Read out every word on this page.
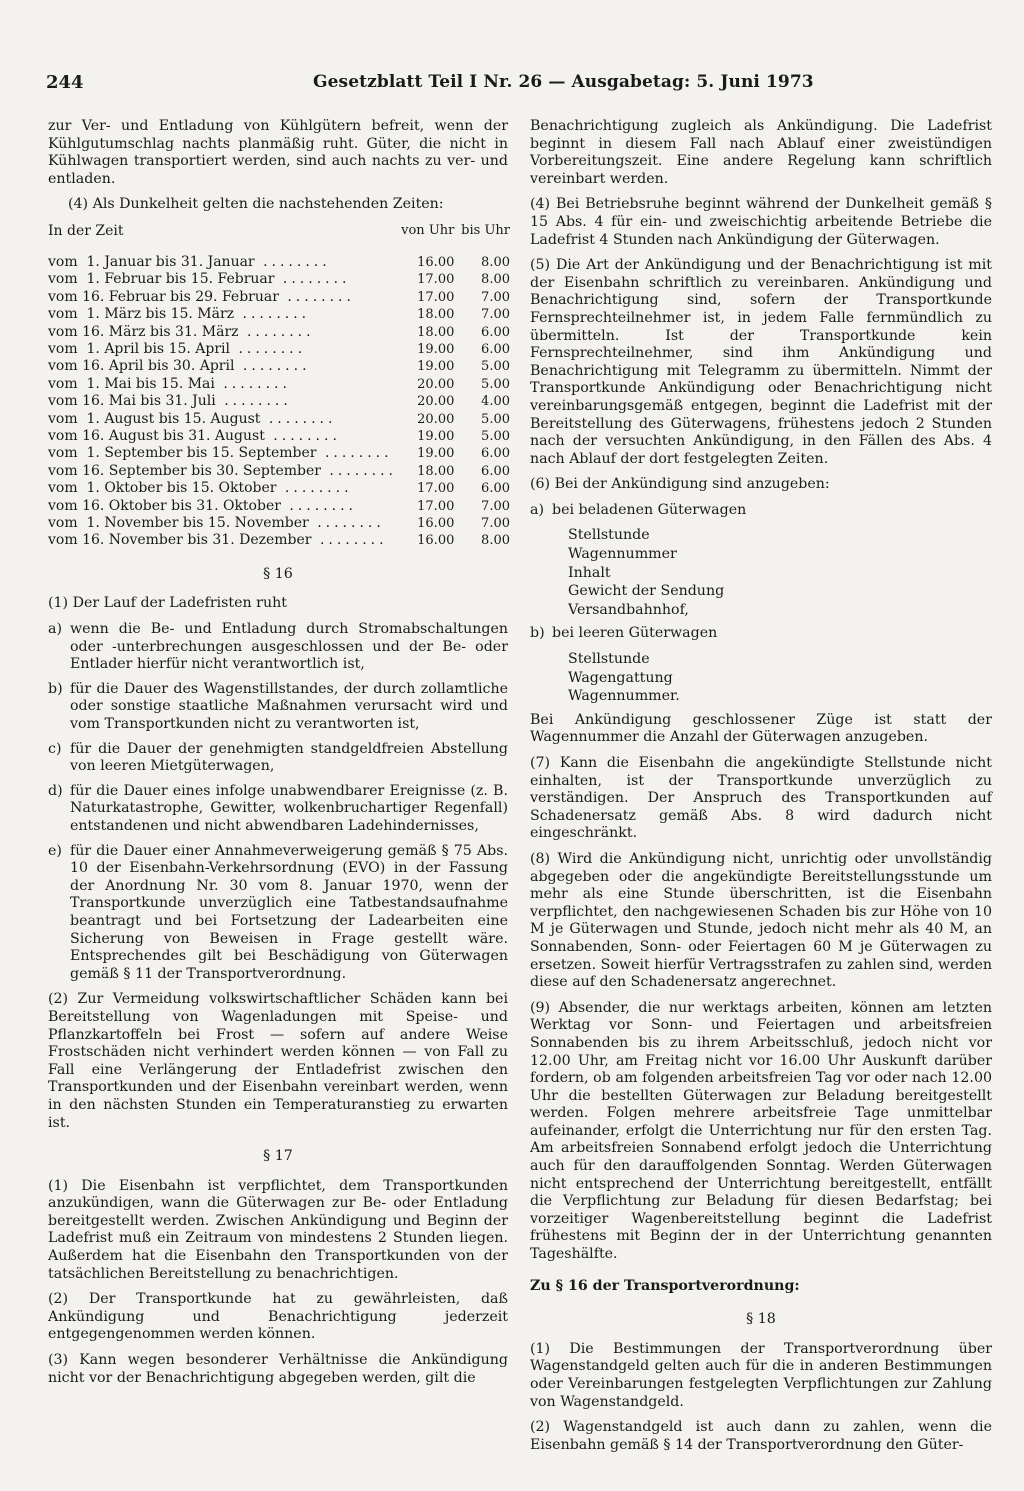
244	Gesetzblatt Teil I Nr. 26 — Ausgabetag: 5. Juni 1973

zur Ver- und Entladung von Kühlgütern befreit, wenn der Kühlgutumschlag nachts planmäßig ruht. Güter, die nicht in Kühlwagen transportiert werden, sind auch nachts zu ver- und entladen.

(4) Als Dunkelheit gelten die nachstehenden Zeiten:

In der Zeit	von Uhr	bis Uhr

vom  1. Januar bis 31. Januar ........	16.00	8.00
vom  1. Februar bis 15. Februar ........	17.00	8.00
vom 16. Februar bis 29. Februar ........	17.00	7.00
vom  1. März bis 15. März ........	18.00	7.00
vom 16. März bis 31. März ........	18.00	6.00
vom  1. April bis 15. April ........	19.00	6.00
vom 16. April bis 30. April ........	19.00	5.00
vom  1. Mai bis 15. Mai ........	20.00	5.00
vom 16. Mai bis 31. Juli ........	20.00	4.00
vom  1. August bis 15. August ........	20.00	5.00
vom 16. August bis 31. August ........	19.00	5.00
vom  1. September bis 15. September ........	19.00	6.00
vom 16. September bis 30. September ........	18.00	6.00
vom  1. Oktober bis 15. Oktober ........	17.00	6.00
vom 16. Oktober bis 31. Oktober ........	17.00	7.00
vom  1. November bis 15. November ........	16.00	7.00
vom 16. November bis 31. Dezember ........	16.00	8.00
§ 16

(1) Der Lauf der Ladefristen ruht

a) wenn die Be- und Entladung durch Stromabschaltungen oder -unterbrechungen ausgeschlossen und der Be- oder Entlader hierfür nicht verantwortlich ist,
b) für die Dauer des Wagenstillstandes, der durch zollamtliche oder sonstige staatliche Maßnahmen verursacht wird und vom Transportkunden nicht zu verantworten ist,
c) für die Dauer der genehmigten standgeldfreien Abstellung von leeren Mietgüterwagen,
d) für die Dauer eines infolge unabwendbarer Ereignisse (z. B. Naturkatastrophe, Gewitter, wolkenbruchartiger Regenfall) entstandenen und nicht abwendbaren Ladehindernisses,
e) für die Dauer einer Annahmeverweigerung gemäß § 75 Abs. 10 der Eisenbahn-Verkehrsordnung (EVO) in der Fassung der Anordnung Nr. 30 vom 8. Januar 1970, wenn der Transportkunde unverzüglich eine Tatbestandsaufnahme beantragt und bei Fortsetzung der Ladearbeiten eine Sicherung von Beweisen in Frage gestellt wäre. Entsprechendes gilt bei Beschädigung von Güterwagen gemäß § 11 der Transportverordnung.

(2) Zur Vermeidung volkswirtschaftlicher Schäden kann bei Bereitstellung von Wagenladungen mit Speise- und Pflanzkartoffeln bei Frost — sofern auf andere Weise Frostschäden nicht verhindert werden können — von Fall zu Fall eine Verlängerung der Entladefrist zwischen den Transportkunden und der Eisenbahn vereinbart werden, wenn in den nächsten Stunden ein Temperaturanstieg zu erwarten ist.

§ 17

(1) Die Eisenbahn ist verpflichtet, dem Transportkunden anzukündigen, wann die Güterwagen zur Be- oder Entladung bereitgestellt werden. Zwischen Ankündigung und Beginn der Ladefrist muß ein Zeitraum von mindestens 2 Stunden liegen. Außerdem hat die Eisenbahn den Transportkunden von der tatsächlichen Bereitstellung zu benachrichtigen.

(2) Der Transportkunde hat zu gewährleisten, daß Ankündigung und Benachrichtigung jederzeit entgegengenommen werden können.

(3) Kann wegen besonderer Verhältnisse die Ankündigung nicht vor der Benachrichtigung abgegeben werden, gilt die

Benachrichtigung zugleich als Ankündigung. Die Ladefrist beginnt in diesem Fall nach Ablauf einer zweistündigen Vorbereitungszeit. Eine andere Regelung kann schriftlich vereinbart werden.

(4) Bei Betriebsruhe beginnt während der Dunkelheit gemäß § 15 Abs. 4 für ein- und zweischichtig arbeitende Betriebe die Ladefrist 4 Stunden nach Ankündigung der Güterwagen.

(5) Die Art der Ankündigung und der Benachrichtigung ist mit der Eisenbahn schriftlich zu vereinbaren. Ankündigung und Benachrichtigung sind, sofern der Transportkunde Fernsprechteilnehmer ist, in jedem Falle fernmündlich zu übermitteln. Ist der Transportkunde kein Fernsprechteilnehmer, sind ihm Ankündigung und Benachrichtigung mit Telegramm zu übermitteln. Nimmt der Transportkunde Ankündigung oder Benachrichtigung nicht vereinbarungsgemäß entgegen, beginnt die Ladefrist mit der Bereitstellung des Güterwagens, frühestens jedoch 2 Stunden nach der versuchten Ankündigung, in den Fällen des Abs. 4 nach Ablauf der dort festgelegten Zeiten.

(6) Bei der Ankündigung sind anzugeben:

a) bei beladenen Güterwagen
Stellstunde
Wagennummer
Inhalt
Gewicht der Sendung
Versandbahnhof,
b) bei leeren Güterwagen
Stellstunde
Wagengattung
Wagennummer.

Bei Ankündigung geschlossener Züge ist statt der Wagennummer die Anzahl der Güterwagen anzugeben.

(7) Kann die Eisenbahn die angekündigte Stellstunde nicht einhalten, ist der Transportkunde unverzüglich zu verständigen. Der Anspruch des Transportkunden auf Schadenersatz gemäß Abs. 8 wird dadurch nicht eingeschränkt.

(8) Wird die Ankündigung nicht, unrichtig oder unvollständig abgegeben oder die angekündigte Bereitstellungsstunde um mehr als eine Stunde überschritten, ist die Eisenbahn verpflichtet, den nachgewiesenen Schaden bis zur Höhe von 10 M je Güterwagen und Stunde, jedoch nicht mehr als 40 M, an Sonnabenden, Sonn- oder Feiertagen 60 M je Güterwagen zu ersetzen. Soweit hierfür Vertragsstrafen zu zahlen sind, werden diese auf den Schadenersatz angerechnet.

(9) Absender, die nur werktags arbeiten, können am letzten Werktag vor Sonn- und Feiertagen und arbeitsfreien Sonnabenden bis zu ihrem Arbeitsschluß, jedoch nicht vor 12.00 Uhr, am Freitag nicht vor 16.00 Uhr Auskunft darüber fordern, ob am folgenden arbeitsfreien Tag vor oder nach 12.00 Uhr die bestellten Güterwagen zur Beladung bereitgestellt werden. Folgen mehrere arbeitsfreie Tage unmittelbar aufeinander, erfolgt die Unterrichtung nur für den ersten Tag. Am arbeitsfreien Sonnabend erfolgt jedoch die Unterrichtung auch für den darauffolgenden Sonntag. Werden Güterwagen nicht entsprechend der Unterrichtung bereitgestellt, entfällt die Verpflichtung zur Beladung für diesen Bedarfstag; bei vorzeitiger Wagenbereitstellung beginnt die Ladefrist frühestens mit Beginn der in der Unterrichtung genannten Tageshälfte.

Zu § 16 der Transportverordnung:
§ 18

(1) Die Bestimmungen der Transportverordnung über Wagenstandgeld gelten auch für die in anderen Bestimmungen oder Vereinbarungen festgelegten Verpflichtungen zur Zahlung von Wagenstandgeld.

(2) Wagenstandgeld ist auch dann zu zahlen, wenn die Eisenbahn gemäß § 14 der Transportverordnung den Güter-
